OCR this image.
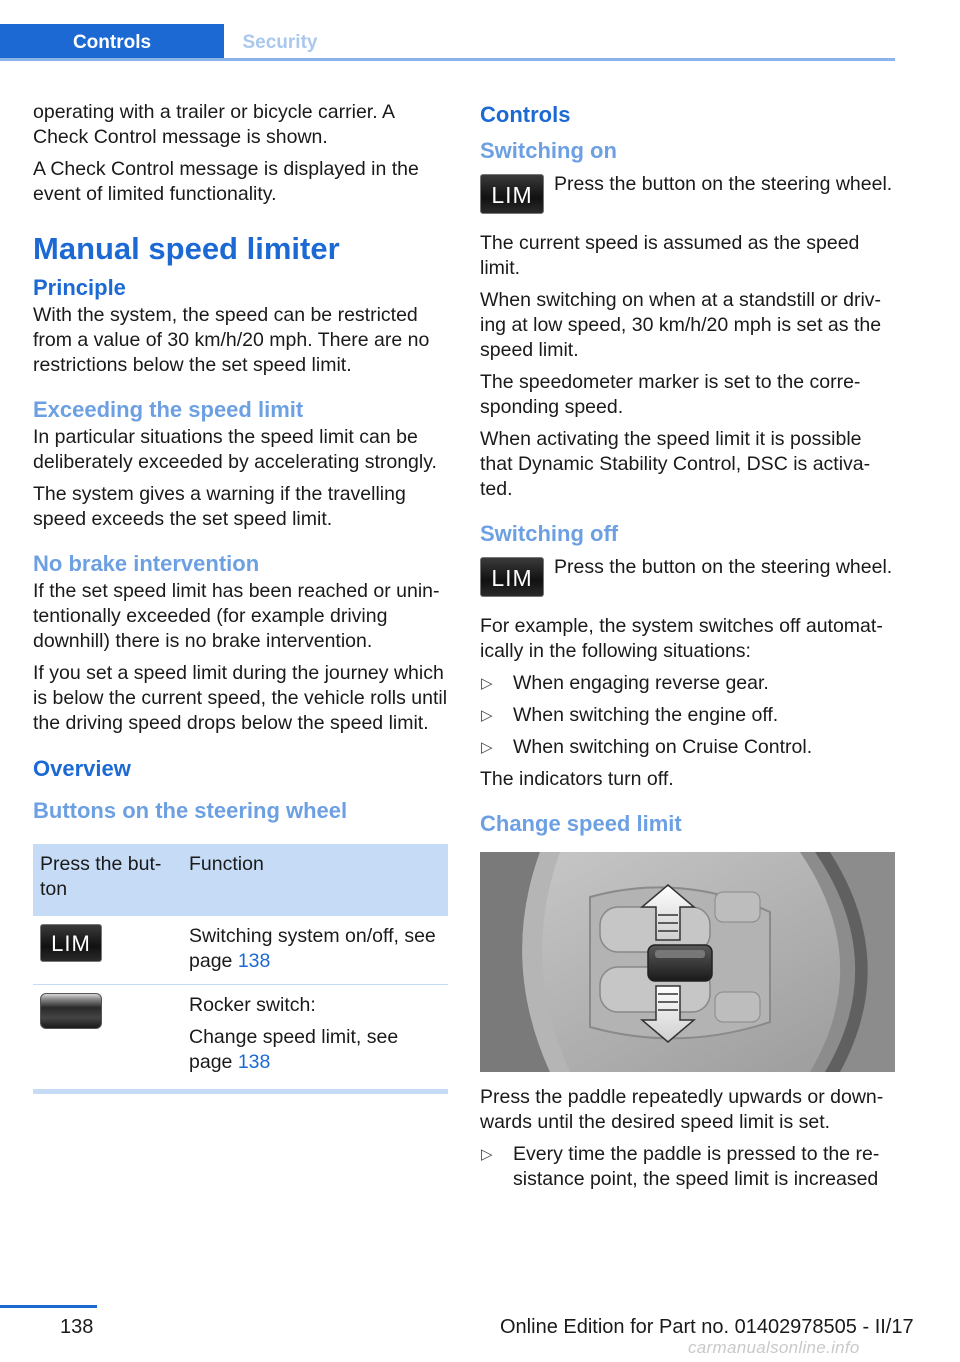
Controls	Security

operating with a trailer or bicycle carrier. A Check Control message is shown.

A Check Control message is displayed in the event of limited functionality.

Manual speed limiter
Principle

With the system, the speed can be restricted from a value of 30 km/h/20 mph. There are no restrictions below the set speed limit.

Exceeding the speed limit

In particular situations the speed limit can be deliberately exceeded by accelerating strongly.

The system gives a warning if the travelling speed exceeds the set speed limit.

No brake intervention

If the set speed limit has been reached or unintentionally exceeded (for example driving downhill) there is no brake intervention.

If you set a speed limit during the journey which is below the current speed, the vehicle rolls until the driving speed drops below the speed limit.

Overview
Buttons on the steering wheel
Press the button	Function
LIM	Switching system on/off, see page 138

	Rocker switch:

Change speed limit, see page 138
Controls
Switching on
LIM	Press the button on the steering wheel.

The current speed is assumed as the speed limit.

When switching on when at a standstill or driving at low speed, 30 km/h/20 mph is set as the speed limit.

The speedometer marker is set to the corresponding speed.

When activating the speed limit it is possible that Dynamic Stability Control, DSC is activated.

Switching off
LIM	Press the button on the steering wheel.

For example, the system switches off automatically in the following situations:

▷ When engaging reverse gear.
▷ When switching the engine off.
▷ When switching on Cruise Control.

The indicators turn off.

Change speed limit

Press the paddle repeatedly upwards or downwards until the desired speed limit is set.

▷ Every time the paddle is pressed to the resistance point, the speed limit is increased
138	Online Edition for Part no. 01402978505 - II/17
carmanualsonline.info
